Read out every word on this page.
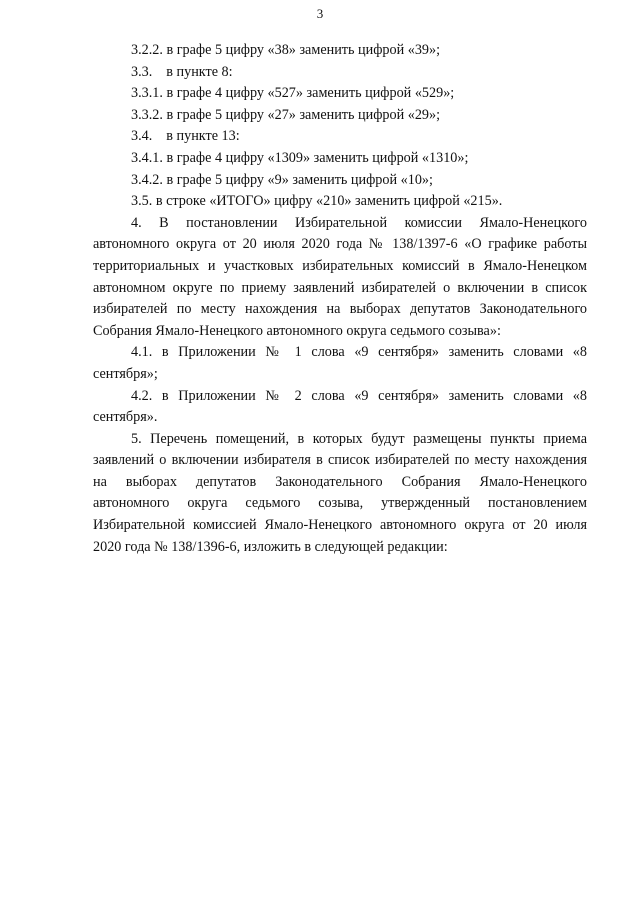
3

3.2.2. в графе 5 цифру «38» заменить цифрой «39»;

3.3. в пункте 8:

3.3.1. в графе 4 цифру «527» заменить цифрой «529»;

3.3.2. в графе 5 цифру «27» заменить цифрой «29»;

3.4. в пункте 13:

3.4.1. в графе 4 цифру «1309» заменить цифрой «1310»;

3.4.2. в графе 5 цифру «9» заменить цифрой «10»;

3.5. в строке «ИТОГО» цифру «210» заменить цифрой «215».

4. В постановлении Избирательной комиссии Ямало-Ненецкого автономного округа от 20 июля 2020 года № 138/1397-6 «О графике работы территориальных и участковых избирательных комиссий в Ямало-Ненецком автономном округе по приему заявлений избирателей о включении в список избирателей по месту нахождения на выборах депутатов Законодательного Собрания Ямало-Ненецкого автономного округа седьмого созыва»:

4.1. в Приложении № 1 слова «9 сентября» заменить словами «8 сентября»;

4.2. в Приложении № 2 слова «9 сентября» заменить словами «8 сентября».

5. Перечень помещений, в которых будут размещены пункты приема заявлений о включении избирателя в список избирателей по месту нахождения на выборах депутатов Законодательного Собрания Ямало-Ненецкого автономного округа седьмого созыва, утвержденный постановлением Избирательной комиссией Ямало-Ненецкого автономного округа от 20 июля 2020 года № 138/1396-6, изложить в следующей редакции:
